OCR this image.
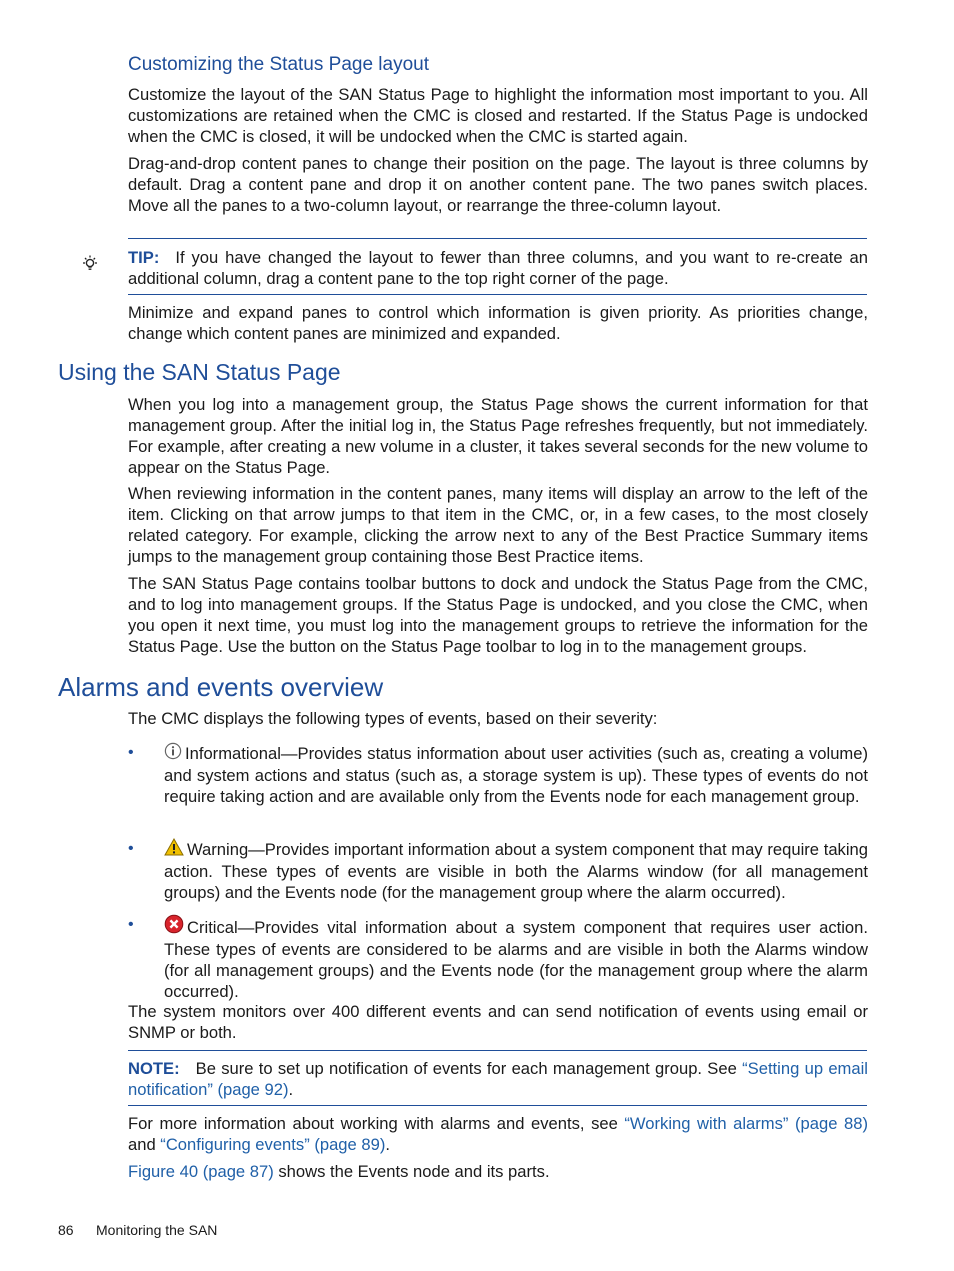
Customizing the Status Page layout
Customize the layout of the SAN Status Page to highlight the information most important to you. All customizations are retained when the CMC is closed and restarted. If the Status Page is undocked when the CMC is closed, it will be undocked when the CMC is started again.
Drag-and-drop content panes to change their position on the page. The layout is three columns by default. Drag a content pane and drop it on another content pane. The two panes switch places. Move all the panes to a two-column layout, or rearrange the three-column layout.
TIP: If you have changed the layout to fewer than three columns, and you want to re-create an additional column, drag a content pane to the top right corner of the page.
Minimize and expand panes to control which information is given priority. As priorities change, change which content panes are minimized and expanded.
Using the SAN Status Page
When you log into a management group, the Status Page shows the current information for that management group. After the initial log in, the Status Page refreshes frequently, but not immediately. For example, after creating a new volume in a cluster, it takes several seconds for the new volume to appear on the Status Page.
When reviewing information in the content panes, many items will display an arrow to the left of the item. Clicking on that arrow jumps to that item in the CMC, or, in a few cases, to the most closely related category. For example, clicking the arrow next to any of the Best Practice Summary items jumps to the management group containing those Best Practice items.
The SAN Status Page contains toolbar buttons to dock and undock the Status Page from the CMC, and to log into management groups. If the Status Page is undocked, and you close the CMC, when you open it next time, you must log into the management groups to retrieve the information for the Status Page. Use the button on the Status Page toolbar to log in to the management groups.
Alarms and events overview
The CMC displays the following types of events, based on their severity:
•	Informational—Provides status information about user activities (such as, creating a volume) and system actions and status (such as, a storage system is up). These types of events do not require taking action and are available only from the Events node for each management group.
•	Warning—Provides important information about a system component that may require taking action. These types of events are visible in both the Alarms window (for all management groups) and the Events node (for the management group where the alarm occurred).
•	Critical—Provides vital information about a system component that requires user action. These types of events are considered to be alarms and are visible in both the Alarms window (for all management groups) and the Events node (for the management group where the alarm occurred).
The system monitors over 400 different events and can send notification of events using email or SNMP or both.
NOTE: Be sure to set up notification of events for each management group. See “Setting up email notification” (page 92).
For more information about working with alarms and events, see “Working with alarms” (page 88) and “Configuring events” (page 89).
Figure 40 (page 87) shows the Events node and its parts.
86 Monitoring the SAN
